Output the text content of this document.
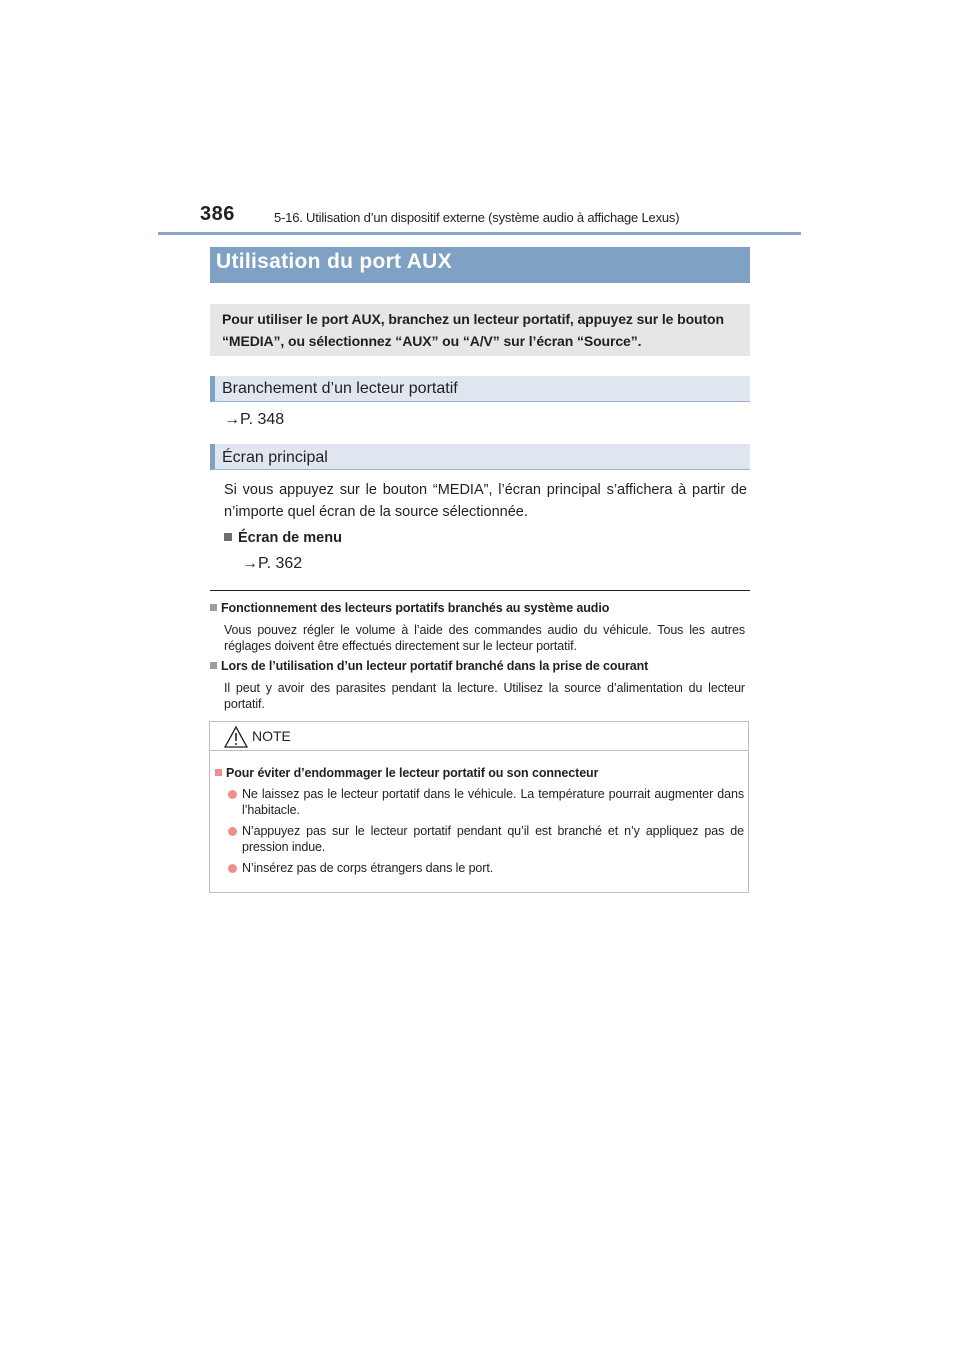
386	5-16. Utilisation d’un dispositif externe (système audio à affichage Lexus)
Utilisation du port AUX
Pour utiliser le port AUX, branchez un lecteur portatif, appuyez sur le bouton “MEDIA”, ou sélectionnez “AUX” ou “A/V” sur l’écran “Source”.
Branchement d’un lecteur portatif
→P. 348
Écran principal
Si vous appuyez sur le bouton “MEDIA”, l’écran principal s’affichera à partir de n’importe quel écran de la source sélectionnée.
Écran de menu
→P. 362
Fonctionnement des lecteurs portatifs branchés au système audio
Vous pouvez régler le volume à l’aide des commandes audio du véhicule. Tous les autres réglages doivent être effectués directement sur le lecteur portatif.
Lors de l’utilisation d’un lecteur portatif branché dans la prise de courant
Il peut y avoir des parasites pendant la lecture. Utilisez la source d’alimentation du lecteur portatif.
NOTE
Pour éviter d’endommager le lecteur portatif ou son connecteur
Ne laissez pas le lecteur portatif dans le véhicule. La température pourrait augmenter dans l’habitacle.
N’appuyez pas sur le lecteur portatif pendant qu’il est branché et n’y appliquez pas de pression indue.
N’insérez pas de corps étrangers dans le port.
